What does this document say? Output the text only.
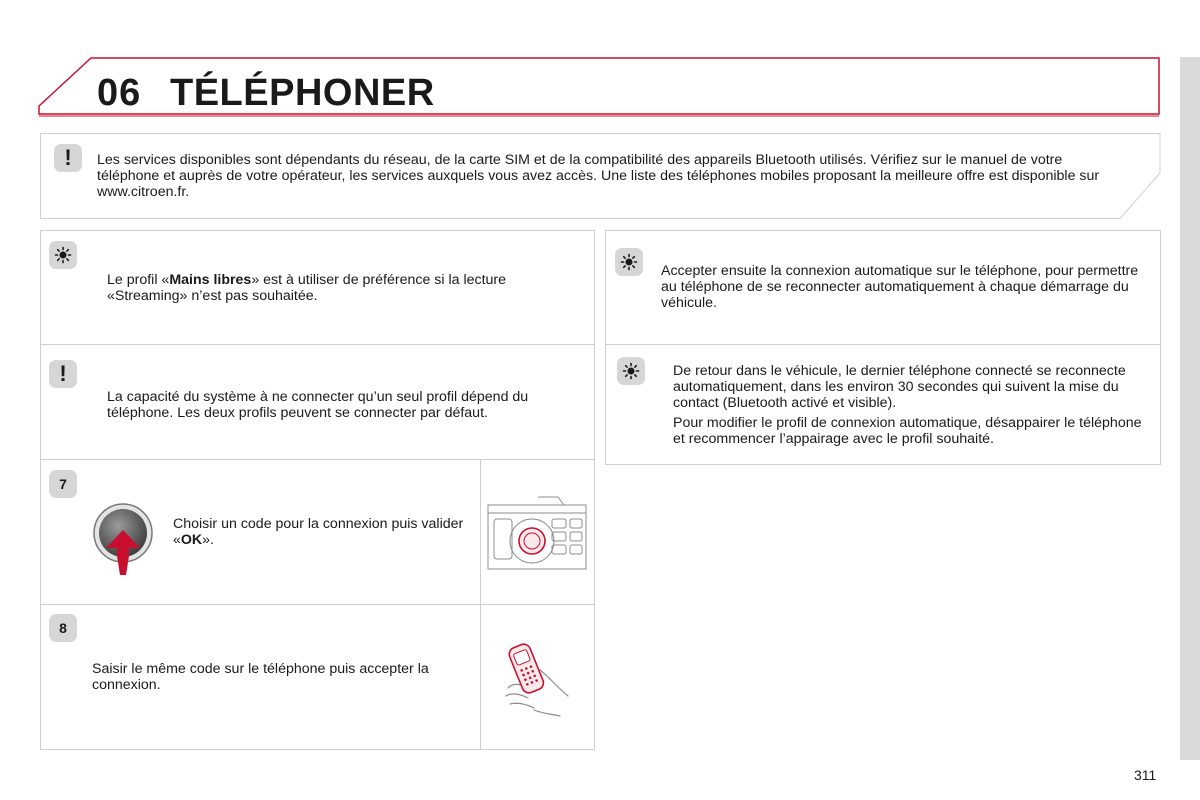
06 TÉLÉPHONER
!	Les services disponibles sont dépendants du réseau, de la carte SIM et de la compatibilité des appareils Bluetooth utilisés. Vérifiez sur le manuel de votre téléphone et auprès de votre opérateur, les services auxquels vous avez accès. Une liste des téléphones mobiles proposant la meilleure offre est disponible sur www.citroen.fr.
Le profil «Mains libres» est à utiliser de préférence si la lecture «Streaming» n’est pas souhaitée.
!
La capacité du système à ne connecter qu’un seul profil dépend du téléphone. Les deux profils peuvent se connecter par défaut.
7
Choisir un code pour la connexion puis valider «OK».
8
Saisir le même code sur le téléphone puis accepter la connexion.
Accepter ensuite la connexion automatique sur le téléphone, pour permettre au téléphone de se reconnecter automatiquement à chaque démarrage du véhicule.

De retour dans le véhicule, le dernier téléphone connecté se reconnecte automatiquement, dans les environ 30 secondes qui suivent la mise du contact (Bluetooth activé et visible).

Pour modifier le profil de connexion automatique, désappairer le téléphone et recommencer l’appairage avec le profil souhaité.

311
